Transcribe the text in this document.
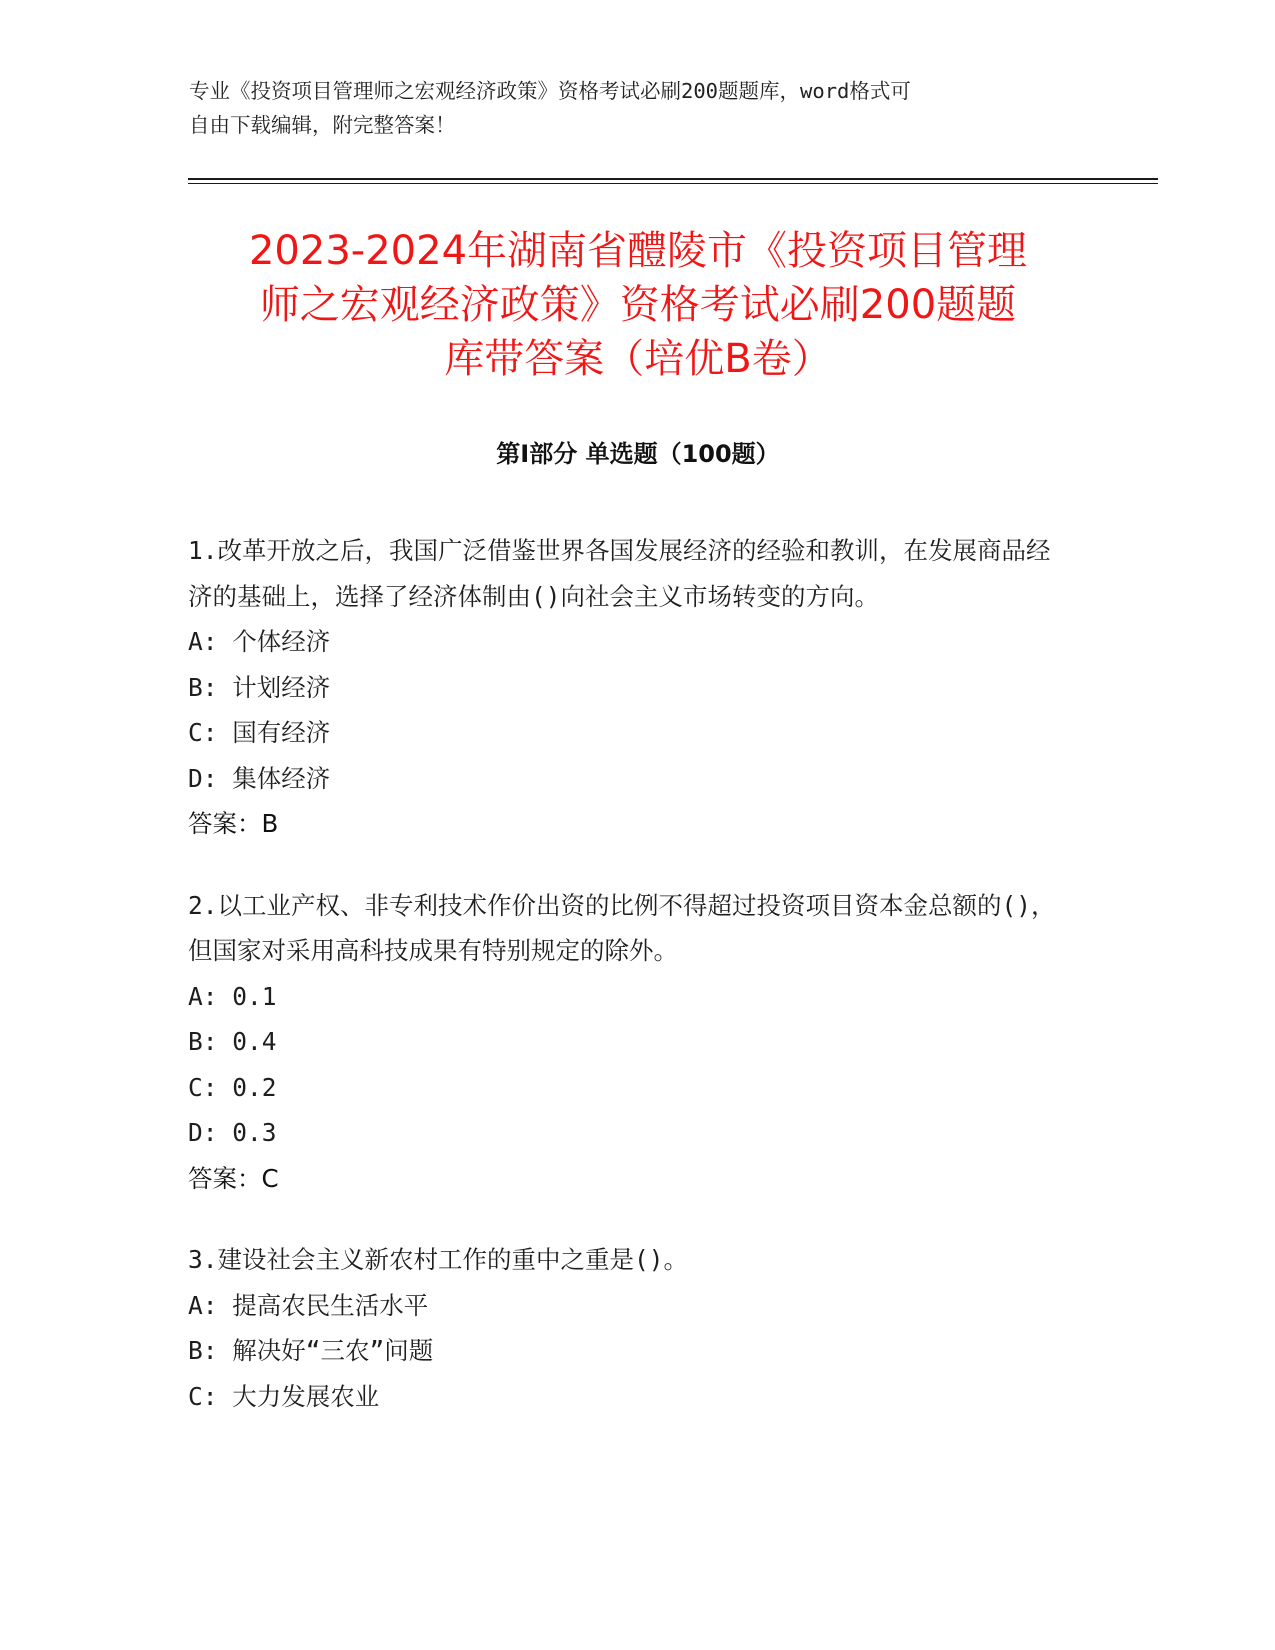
专业《投资项目管理师之宏观经济政策》资格考试必刷200题题库，word格式可
自由下载编辑，附完整答案！
2023-2024年湖南省醴陵市《投资项目管理
师之宏观经济政策》资格考试必刷200题题
库带答案（培优B卷）
第Ⅰ部分 单选题（100题）

1.改革开放之后，我国广泛借鉴世界各国发展经济的经验和教训，在发展商品经济的基础上，选择了经济体制由()向社会主义市场转变的方向。

A: 个体经济

B: 计划经济

C: 国有经济

D: 集体经济

答案：B

2.以工业产权、非专利技术作价出资的比例不得超过投资项目资本金总额的()，但国家对采用高科技成果有特别规定的除外。

A: 0.1

B: 0.4

C: 0.2

D: 0.3

答案：C

3.建设社会主义新农村工作的重中之重是()。

A: 提高农民生活水平

B: 解决好“三农”问题

C: 大力发展农业
